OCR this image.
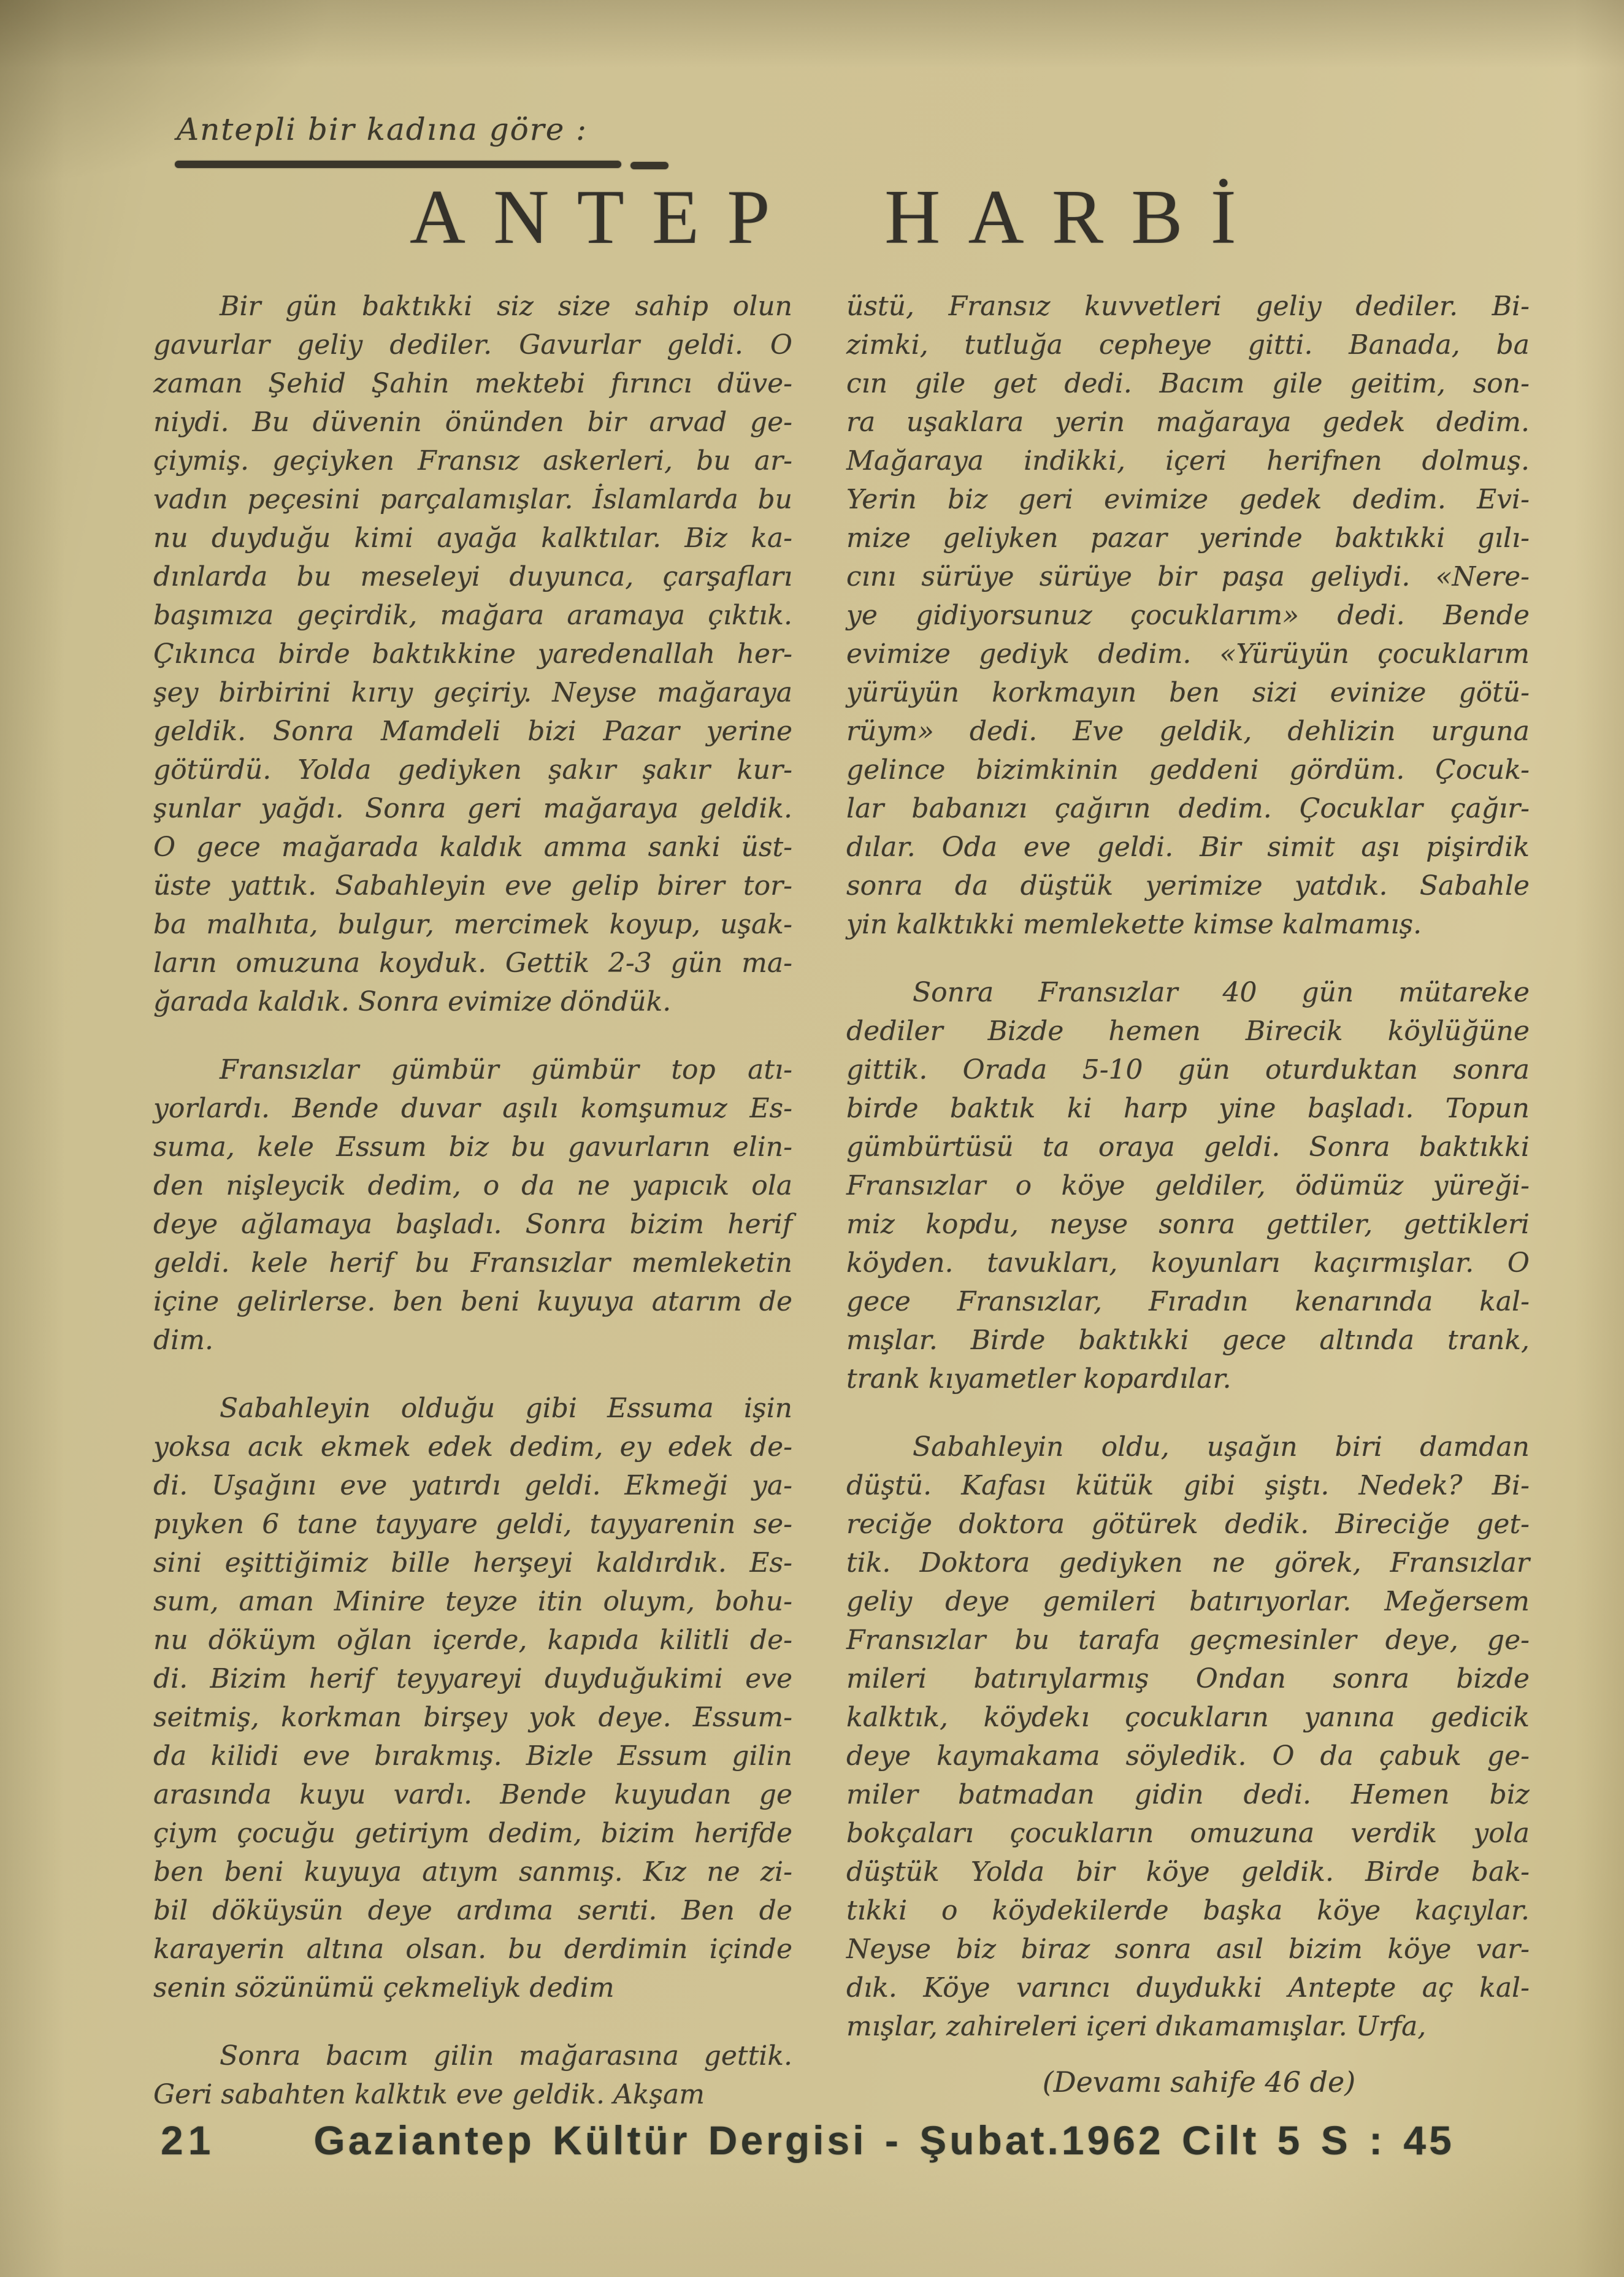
Antepli bir kadına göre :
ANTEP HARBİ
Bir gün baktıkki siz size sahip olun
gavurlar geliy dediler. Gavurlar geldi. O
zaman Şehid Şahin mektebi fırıncı düve-
niydi. Bu düvenin önünden bir arvad ge-
çiymiş. geçiyken Fransız askerleri, bu ar-
vadın peçesini parçalamışlar. İslamlarda bu
nu duyduğu kimi ayağa kalktılar. Biz ka-
dınlarda bu meseleyi duyunca, çarşafları
başımıza geçirdik, mağara aramaya çıktık.
Çıkınca birde baktıkkine yaredenallah her-
şey birbirini kırıy geçiriy. Neyse mağaraya
geldik. Sonra Mamdeli bizi Pazar yerine
götürdü. Yolda gediyken şakır şakır kur-
şunlar yağdı. Sonra geri mağaraya geldik.
O gece mağarada kaldık amma sanki üst-
üste yattık. Sabahleyin eve gelip birer tor-
ba malhıta, bulgur, mercimek koyup, uşak-
ların omuzuna koyduk. Gettik 2-3 gün ma-
ğarada kaldık. Sonra evimize döndük.
Fransızlar gümbür gümbür top atı-
yorlardı. Bende duvar aşılı komşumuz Es-
suma, kele Essum biz bu gavurların elin-
den nişleycik dedim, o da ne yapıcık ola
deye ağlamaya başladı. Sonra bizim herif
geldi. kele herif bu Fransızlar memleketin
içine gelirlerse. ben beni kuyuya atarım de
dim.
Sabahleyin olduğu gibi Essuma işin
yoksa acık ekmek edek dedim, ey edek de-
di. Uşağını eve yatırdı geldi. Ekmeği ya-
pıyken 6 tane tayyare geldi, tayyarenin se-
sini eşittiğimiz bille herşeyi kaldırdık. Es-
sum, aman Minire teyze itin oluym, bohu-
nu döküym oğlan içerde, kapıda kilitli de-
di. Bizim herif teyyareyi duyduğukimi eve
seitmiş, korkman birşey yok deye. Essum-
da kilidi eve bırakmış. Bizle Essum gilin
arasında kuyu vardı. Bende kuyudan ge
çiym çocuğu getiriym dedim, bizim herifde
ben beni kuyuya atıym sanmış. Kız ne zi-
bil döküysün deye ardıma serıti. Ben de
karayerin altına olsan. bu derdimin içinde
senin sözünümü çekmeliyk dedim
Sonra bacım gilin mağarasına gettik.
Geri sabahten kalktık eve geldik. Akşam
üstü, Fransız kuvvetleri geliy dediler. Bi-
zimki, tutluğa cepheye gitti. Banada, ba
cın gile get dedi. Bacım gile geitim, son-
ra uşaklara yerin mağaraya gedek dedim.
Mağaraya indikki, içeri herifnen dolmuş.
Yerin biz geri evimize gedek dedim. Evi-
mize geliyken pazar yerinde baktıkki gılı-
cını sürüye sürüye bir paşa geliydi. «Nere-
ye gidiyorsunuz çocuklarım» dedi. Bende
evimize gediyk dedim. «Yürüyün çocuklarım
yürüyün korkmayın ben sizi evinize götü-
rüym» dedi. Eve geldik, dehlizin urguna
gelince bizimkinin geddeni gördüm. Çocuk-
lar babanızı çağırın dedim. Çocuklar çağır-
dılar. Oda eve geldi. Bir simit aşı pişirdik
sonra da düştük yerimize yatdık. Sabahle
yin kalktıkki memlekette kimse kalmamış.
Sonra Fransızlar 40 gün mütareke
dediler Bizde hemen Birecik köylüğüne
gittik. Orada 5-10 gün oturduktan sonra
birde baktık ki harp yine başladı. Topun
gümbürtüsü ta oraya geldi. Sonra baktıkki
Fransızlar o köye geldiler, ödümüz yüreği-
miz kopdu, neyse sonra gettiler, gettikleri
köyden. tavukları, koyunları kaçırmışlar. O
gece Fransızlar, Fıradın kenarında kal-
mışlar. Birde baktıkki gece altında trank,
trank kıyametler kopardılar.
Sabahleyin oldu, uşağın biri damdan
düştü. Kafası kütük gibi şiştı. Nedek? Bi-
reciğe doktora götürek dedik. Bireciğe get-
tik. Doktora gediyken ne görek, Fransızlar
geliy deye gemileri batırıyorlar. Meğersem
Fransızlar bu tarafa geçmesinler deye, ge-
mileri batırıylarmış Ondan sonra bizde
kalktık, köydekı çocukların yanına gedicik
deye kaymakama söyledik. O da çabuk ge-
miler batmadan gidin dedi. Hemen biz
bokçaları çocukların omuzuna verdik yola
düştük Yolda bir köye geldik. Birde bak-
tıkki o köydekilerde başka köye kaçıylar.
Neyse biz biraz sonra asıl bizim köye var-
dık. Köye varıncı duydukki Antepte aç kal-
mışlar, zahireleri içeri dıkamamışlar. Urfa,
(Devamı sahife 46 de)
21 Gaziantep Kültür Dergisi - Şubat.1962 Cilt 5 S : 45
